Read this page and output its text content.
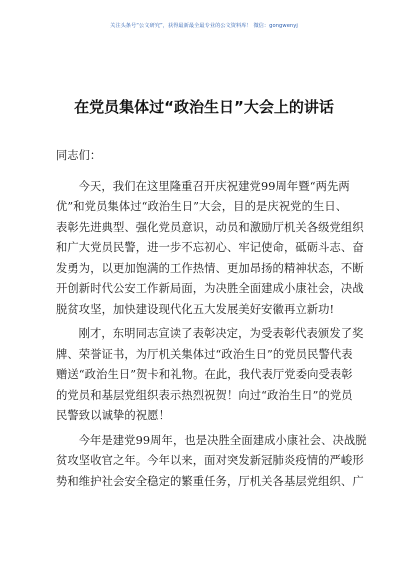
关注头条号“公文研究”，获得最新最全最专业的公文资料库！ 微信：gongwenyj
在党员集体过“政治生日”大会上的讲话
同志们：
今天，我们在这里隆重召开庆祝建党99周年暨“两先两
优”和党员集体过“政治生日”大会，目的是庆祝党的生日、
表彰先进典型、强化党员意识，动员和激励厅机关各级党组织
和广大党员民警，进一步不忘初心、牢记使命，砥砺斗志、奋
发勇为，以更加饱满的工作热情、更加昂扬的精神状态，不断
开创新时代公安工作新局面，为决胜全面建成小康社会，决战
脱贫攻坚，加快建设现代化五大发展美好安徽再立新功!
刚才，东明同志宣读了表彰决定，为受表彰代表颁发了奖
牌、荣誉证书，为厅机关集体过“政治生日”的党员民警代表
赠送“政治生日”贺卡和礼物。在此，我代表厅党委向受表彰
的党员和基层党组织表示热烈祝贺！向过“政治生日”的党员
民警致以诚挚的祝愿！
今年是建党99周年，也是决胜全面建成小康社会、决战脱
贫攻坚收官之年。今年以来，面对突发新冠肺炎疫情的严峻形
势和维护社会安全稳定的繁重任务，厅机关各基层党组织、广
